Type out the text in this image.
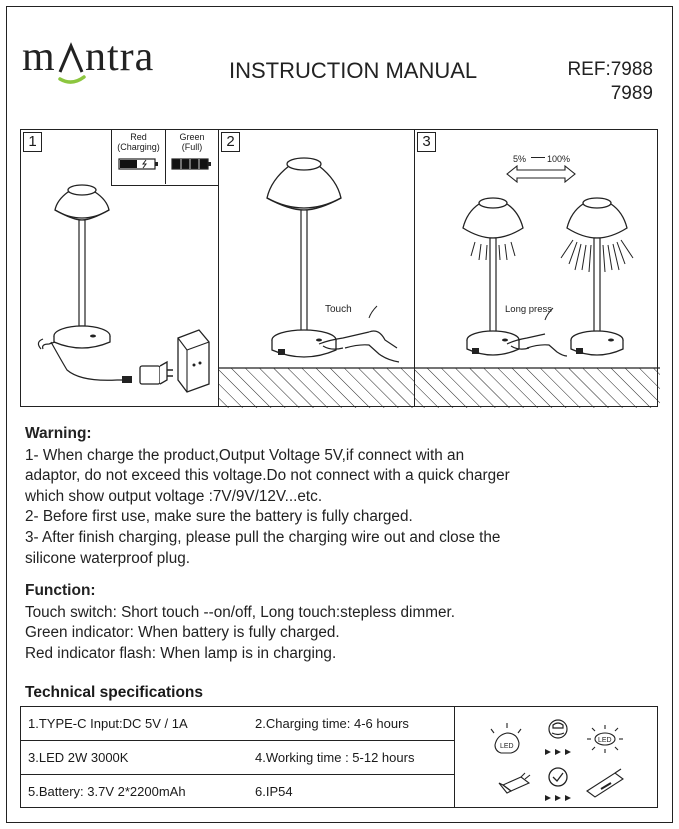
m ntra	INSTRUCTION MANUAL	REF:7988
7989
1	Red
(Charging)
Green
(Full)	2
Touch
3
5% 100%
Long press
Warning:

1- When charge the product,Output Voltage 5V,if connect with an

adaptor, do not exceed this voltage.Do not connect with a quick charger

which show output voltage :7V/9V/12V...etc.

2- Before first use, make sure the battery is fully charged.

3- After finish charging, please pull the charging wire out and close the

silicone waterproof plug.

Function:

Touch switch: Short touch --on/off, Long touch:stepless dimmer.

Green indicator: When battery is fully charged.

Red indicator flash: When lamp is in charging.

Technical specifications
1.TYPE-C Input:DC 5V / 1A	2.Charging time: 4-6 hours
3.LED 2W 3000K	4.Working time : 5-12 hours
5.Battery: 3.7V 2*2200mAh	6.IP54
LED
LED
